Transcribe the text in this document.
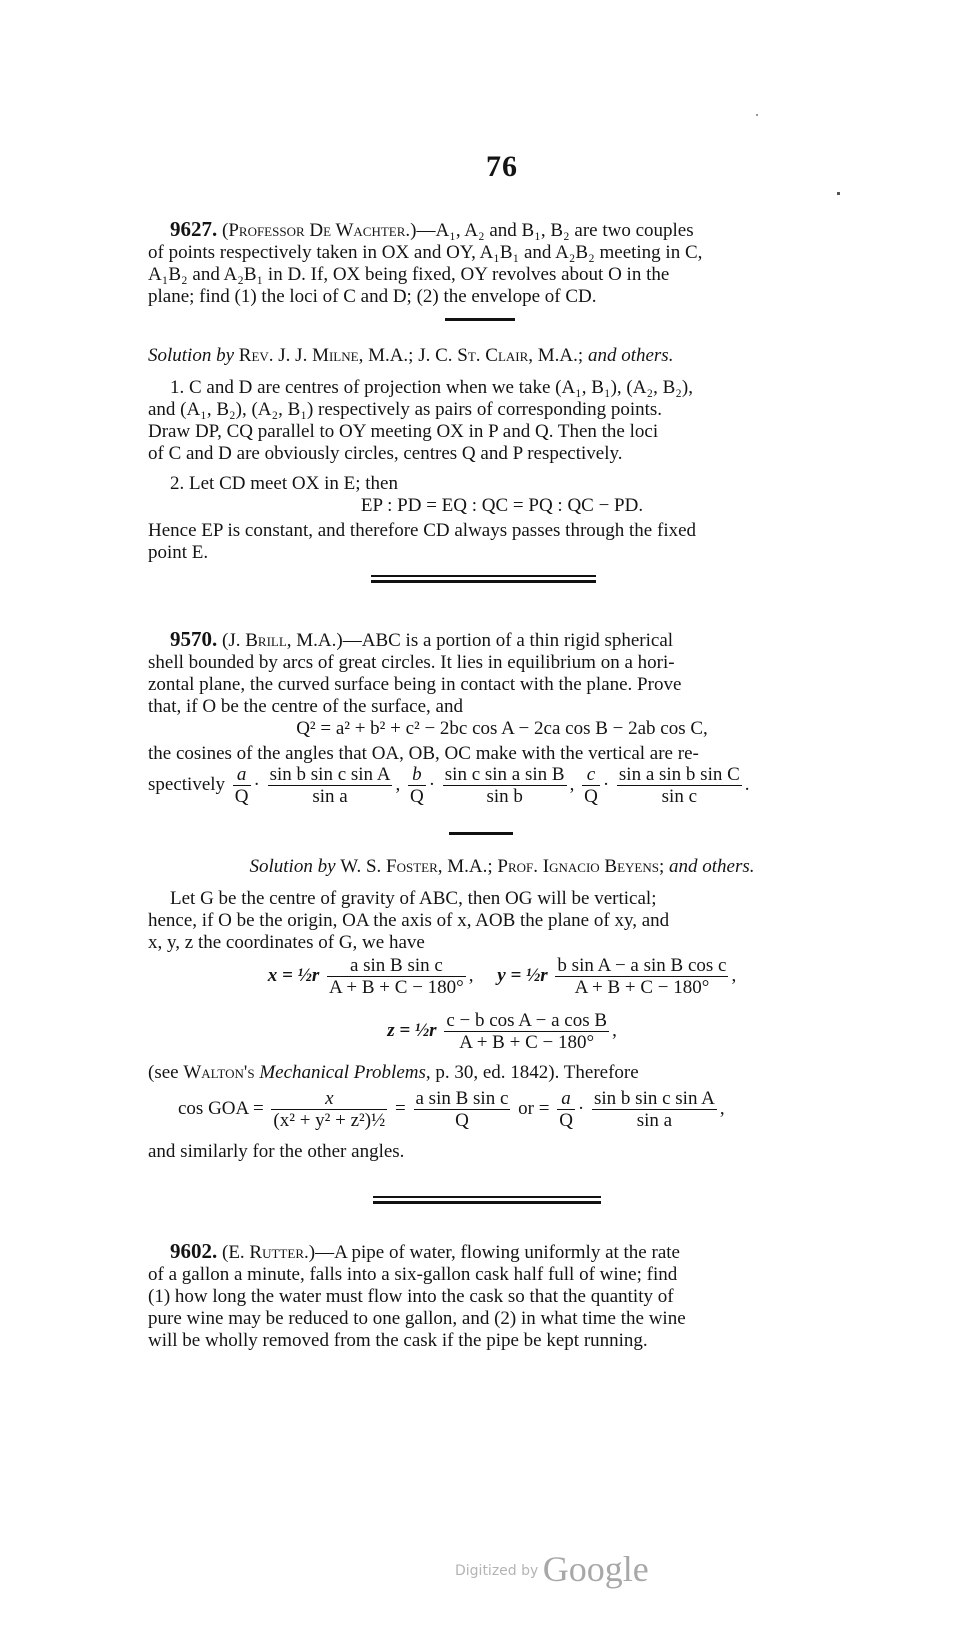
76

9627. (Professor De Wachter.)—A₁, A₂ and B₁, B₂ are two couples

of points respectively taken in OX and OY, A₁B₁ and A₂B₂ meeting in C,

A₁B₂ and A₂B₁ in D. If, OX being fixed, OY revolves about O in the

plane; find (1) the loci of C and D; (2) the envelope of CD.

Solution by Rev. J. J. Milne, M.A.; J. C. St. Clair, M.A.; and others.

1. C and D are centres of projection when we take (A₁, B₁), (A₂, B₂),

and (A₁, B₂), (A₂, B₁) respectively as pairs of corresponding points.

Draw DP, CQ parallel to OY meeting OX in P and Q. Then the loci

of C and D are obviously circles, centres Q and P respectively.

2. Let CD meet OX in E; then

EP : PD = EQ : QC = PQ : QC − PD.

Hence EP is constant, and therefore CD always passes through the fixed

point E.

9570. (J. Brill, M.A.)—ABC is a portion of a thin rigid spherical

shell bounded by arcs of great circles. It lies in equilibrium on a hori-

zontal plane, the curved surface being in contact with the plane. Prove

that, if O be the centre of the surface, and

Q² = a² + b² + c² − 2bc cos A − 2ca cos B − 2ab cos C,

the cosines of the angles that OA, OB, OC make with the vertical are re-

spectively $\frac{a}{Q} \cdot \frac{\text{sin b sin c sin A}}{\text{sin a}}$ , $\frac{b}{Q} \cdot \frac{\text{sin c sin a sin B}}{\text{sin b}}$ , $\frac{c}{Q} \cdot \frac{\text{sin a sin b sin C}}{\text{sin c}}$ .

Solution by W. S. Foster, M.A.; Prof. Ignacio Beyens; and others.

Let G be the centre of gravity of ABC, then OG will be vertical;

hence, if O be the origin, OA the axis of x, AOB the plane of xy, and

x, y, z the coordinates of G, we have

x = ½r $\frac{\text{a sin B sin c}}{A + B + C - 180^\circ}$ , y = ½r $\frac{\text{b sin A − a sin B cos c}}{A + B + C - 180^\circ}$ ,
z = ½r $\frac{\text{c − b cos A − a cos B}}{A + B + C - 180^\circ}$ ,

(see Walton's Mechanical Problems, p. 30, ed. 1842). Therefore

cos GOA = $\frac{x}{\text{(x² + y² + z²)½}} = \frac{\text{a sin B sin c}}{Q}$ or = $\frac{a}{Q} \cdot \frac{\text{sin b sin c sin A}}{\text{sin a}}$ ,

and similarly for the other angles.

9602. (E. Rutter.)—A pipe of water, flowing uniformly at the rate

of a gallon a minute, falls into a six-gallon cask half full of wine; find

(1) how long the water must flow into the cask so that the quantity of

pure wine may be reduced to one gallon, and (2) in what time the wine

will be wholly removed from the cask if the pipe be kept running.

Digitized by Google
